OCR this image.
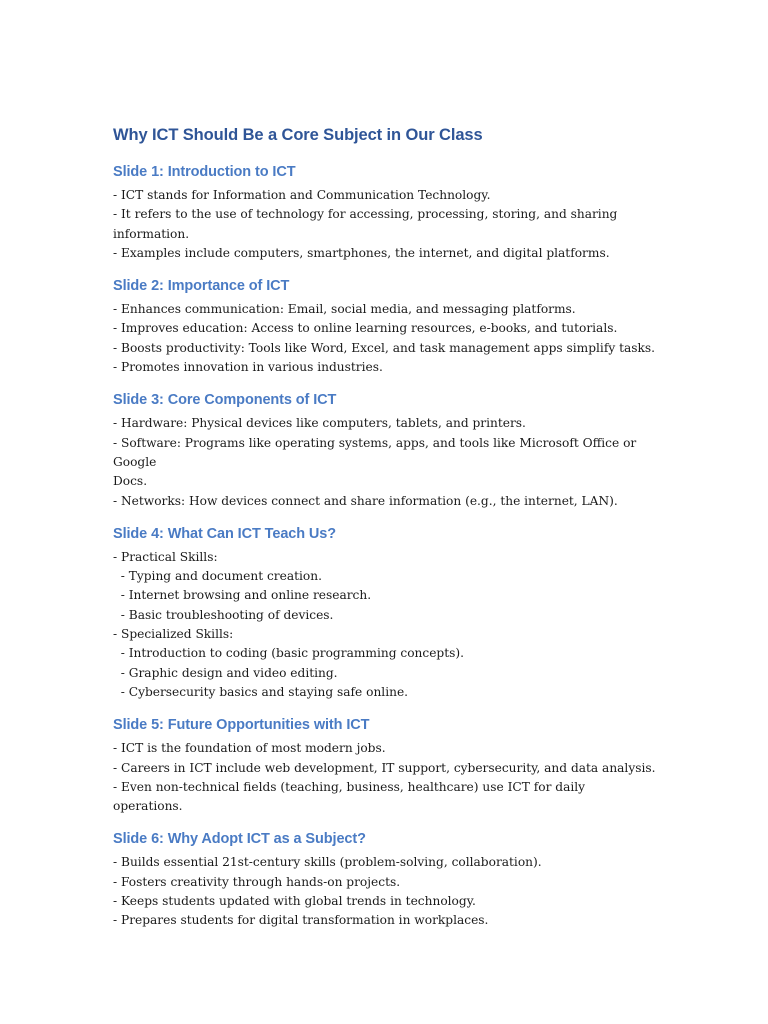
Why ICT Should Be a Core Subject in Our Class
Slide 1: Introduction to ICT

- ICT stands for Information and Communication Technology.

- It refers to the use of technology for accessing, processing, storing, and sharing

information.

- Examples include computers, smartphones, the internet, and digital platforms.

Slide 2: Importance of ICT

- Enhances communication: Email, social media, and messaging platforms.

- Improves education: Access to online learning resources, e-books, and tutorials.

- Boosts productivity: Tools like Word, Excel, and task management apps simplify tasks.

- Promotes innovation in various industries.

Slide 3: Core Components of ICT

- Hardware: Physical devices like computers, tablets, and printers.

- Software: Programs like operating systems, apps, and tools like Microsoft Office or Google

Docs.

- Networks: How devices connect and share information (e.g., the internet, LAN).

Slide 4: What Can ICT Teach Us?

- Practical Skills:

- Typing and document creation.

- Internet browsing and online research.

- Basic troubleshooting of devices.

- Specialized Skills:

- Introduction to coding (basic programming concepts).

- Graphic design and video editing.

- Cybersecurity basics and staying safe online.

Slide 5: Future Opportunities with ICT

- ICT is the foundation of most modern jobs.

- Careers in ICT include web development, IT support, cybersecurity, and data analysis.

- Even non-technical fields (teaching, business, healthcare) use ICT for daily operations.

Slide 6: Why Adopt ICT as a Subject?

- Builds essential 21st-century skills (problem-solving, collaboration).

- Fosters creativity through hands-on projects.

- Keeps students updated with global trends in technology.

- Prepares students for digital transformation in workplaces.
